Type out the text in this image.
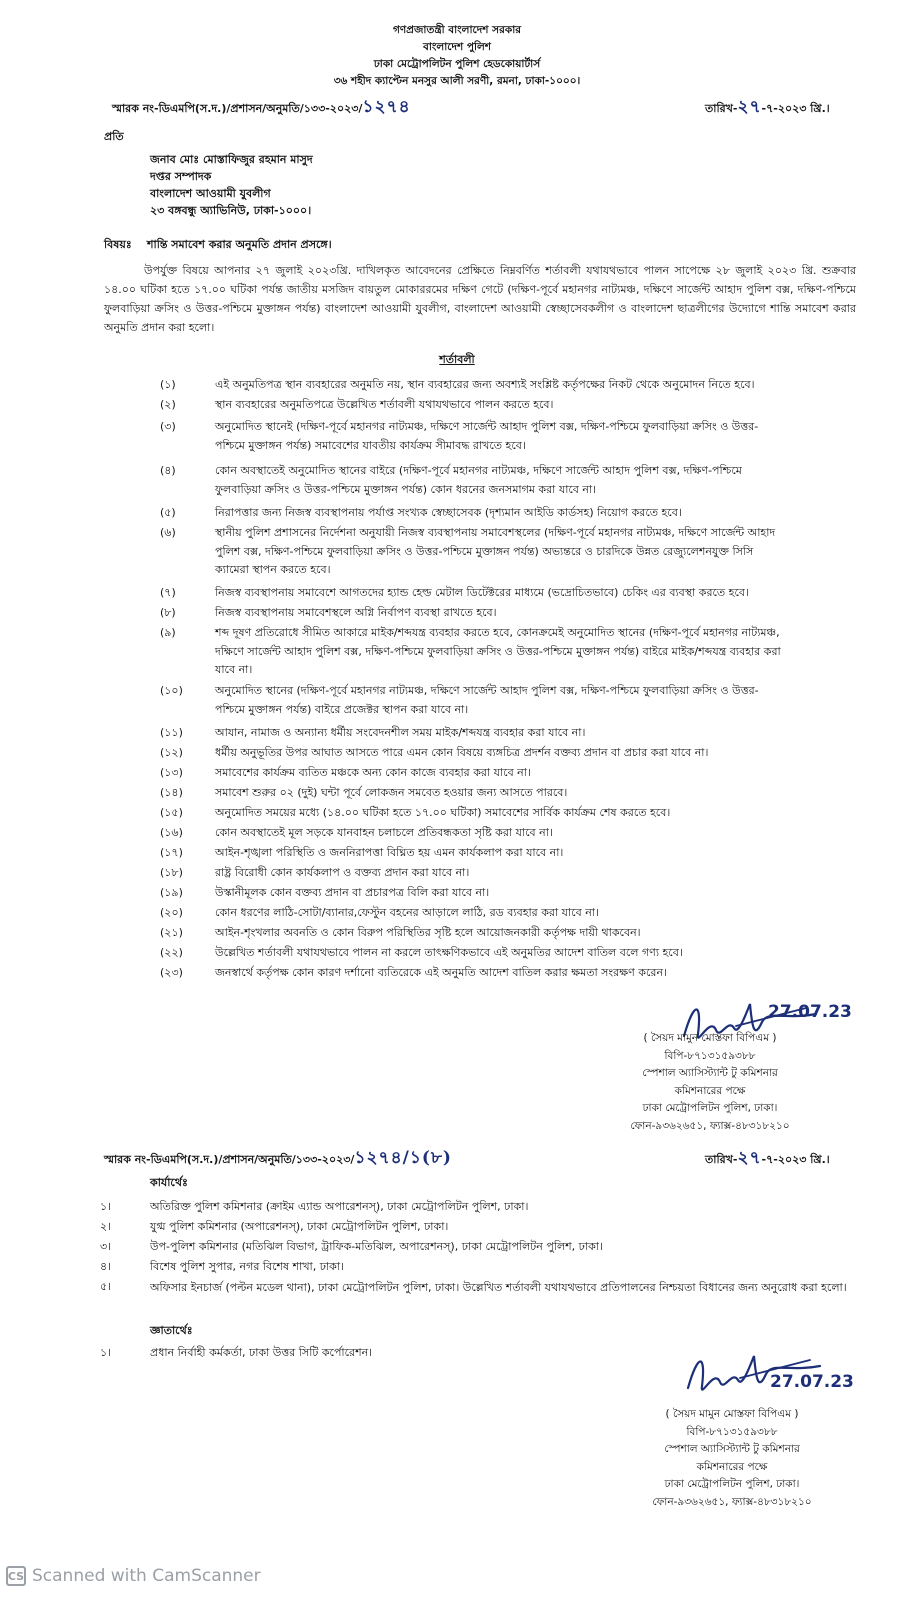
গণপ্রজাতন্ত্রী বাংলাদেশ সরকার
বাংলাদেশ পুলিশ
ঢাকা মেট্রোপলিটন পুলিশ হেডকোয়ার্টার্স
৩৬ শহীদ ক্যাপ্টেন মনসুর আলী সরণী, রমনা, ঢাকা-১০০০।
স্মারক নং-ডিএমপি(স.দ.)/প্রশাসন/অনুমতি/১৩৩-২০২৩/১২৭৪	তারিখ-২৭-৭-২০২৩ খ্রি.।
প্রতি
জনাব মোঃ মোস্তাফিজুর রহমান মাসুদ
দপ্তর সম্পাদক
বাংলাদেশ আওয়ামী যুবলীগ
২৩ বঙ্গবন্ধু অ্যাভিনিউ, ঢাকা-১০০০।
বিষয়ঃ শান্তি সমাবেশ করার অনুমতি প্রদান প্রসঙ্গে।
উপর্যুক্ত বিষয়ে আপনার ২৭ জুলাই ২০২৩খ্রি. দাখিলকৃত আবেদনের প্রেক্ষিতে নিম্নবর্ণিত শর্তাবলী যথাযথভাবে পালন সাপেক্ষে ২৮ জুলাই ২০২৩ খ্রি. শুক্রবার ১৪.০০ ঘটিকা হতে ১৭.০০ ঘটিকা পর্যন্ত জাতীয় মসজিদ বায়তুল মোকাররমের দক্ষিণ গেটে (দক্ষিণ-পূর্বে মহানগর নাট্যমঞ্চ, দক্ষিণে সার্জেন্ট আহাদ পুলিশ বক্স, দক্ষিণ-পশ্চিমে ফুলবাড়িয়া ক্রসিং ও উত্তর-পশ্চিমে মুক্তাঙ্গন পর্যন্ত) বাংলাদেশ আওয়ামী যুবলীগ, বাংলাদেশ আওয়ামী স্বেচ্ছাসেবকলীগ ও বাংলাদেশ ছাত্রলীগের উদ্যোগে শান্তি সমাবেশ করার অনুমতি প্রদান করা হলো।
শর্তাবলী
(১)	এই অনুমতিপত্র স্থান ব্যবহারের অনুমতি নয়, স্থান ব্যবহারের জন্য অবশ্যই সংশ্লিষ্ট কর্তৃপক্ষের নিকট থেকে অনুমোদন নিতে হবে।
(২)	স্থান ব্যবহারের অনুমতিপত্রে উল্লেখিত শর্তাবলী যথাযথভাবে পালন করতে হবে।
(৩)	অনুমোদিত স্থানেই (দক্ষিণ-পূর্বে মহানগর নাট্যমঞ্চ, দক্ষিণে সার্জেন্ট আহাদ পুলিশ বক্স, দক্ষিণ-পশ্চিমে ফুলবাড়িয়া ক্রসিং ও উত্তর-পশ্চিমে মুক্তাঙ্গন পর্যন্ত) সমাবেশের যাবতীয় কার্যক্রম সীমাবদ্ধ রাখতে হবে।
(৪)	কোন অবস্থাতেই অনুমোদিত স্থানের বাইরে (দক্ষিণ-পূর্বে মহানগর নাট্যমঞ্চ, দক্ষিণে সার্জেন্ট আহাদ পুলিশ বক্স, দক্ষিণ-পশ্চিমে ফুলবাড়িয়া ক্রসিং ও উত্তর-পশ্চিমে মুক্তাঙ্গন পর্যন্ত) কোন ধরনের জনসমাগম করা যাবে না।
(৫)	নিরাপত্তার জন্য নিজস্ব ব্যবস্থাপনায় পর্যাপ্ত সংখ্যক স্বেচ্ছাসেবক (দৃশ্যমান আইডি কার্ডসহ) নিয়োগ করতে হবে।
(৬)	স্থানীয় পুলিশ প্রশাসনের নির্দেশনা অনুযায়ী নিজস্ব ব্যবস্থাপনায় সমাবেশস্থলের (দক্ষিণ-পূর্বে মহানগর নাট্যমঞ্চ, দক্ষিণে সার্জেন্ট আহাদ পুলিশ বক্স, দক্ষিণ-পশ্চিমে ফুলবাড়িয়া ক্রসিং ও উত্তর-পশ্চিমে মুক্তাঙ্গন পর্যন্ত) অভ্যন্তরে ও চারদিকে উন্নত রেজ্যুলেশনযুক্ত সিসি ক্যামেরা স্থাপন করতে হবে।
(৭)	নিজস্ব ব্যবস্থাপনায় সমাবেশে আগতদের হ্যান্ড হেল্ড মেটাল ডিটেক্টরের মাধ্যমে (ভদ্রোচিতভাবে) চেকিং এর ব্যবস্থা করতে হবে।
(৮)	নিজস্ব ব্যবস্থাপনায় সমাবেশস্থলে অগ্নি নির্বাপণ ব্যবস্থা রাখতে হবে।
(৯)	শব্দ দূষণ প্রতিরোধে সীমিত আকারে মাইক/শব্দযন্ত্র ব্যবহার করতে হবে, কোনক্রমেই অনুমোদিত স্থানের (দক্ষিণ-পূর্বে মহানগর নাট্যমঞ্চ, দক্ষিণে সার্জেন্ট আহাদ পুলিশ বক্স, দক্ষিণ-পশ্চিমে ফুলবাড়িয়া ক্রসিং ও উত্তর-পশ্চিমে মুক্তাঙ্গন পর্যন্ত) বাইরে মাইক/শব্দযন্ত্র ব্যবহার করা যাবে না।
(১০)	অনুমোদিত স্থানের (দক্ষিণ-পূর্বে মহানগর নাট্যমঞ্চ, দক্ষিণে সার্জেন্ট আহাদ পুলিশ বক্স, দক্ষিণ-পশ্চিমে ফুলবাড়িয়া ক্রসিং ও উত্তর-পশ্চিমে মুক্তাঙ্গন পর্যন্ত) বাইরে প্রজেক্টর স্থাপন করা যাবে না।
(১১)	আযান, নামাজ ও অন্যান্য ধর্মীয় সংবেদনশীল সময় মাইক/শব্দযন্ত্র ব্যবহার করা যাবে না।
(১২)	ধর্মীয় অনুভূতির উপর আঘাত আসতে পারে এমন কোন বিষয়ে ব্যঙ্গচিত্র প্রদর্শন বক্তব্য প্রদান বা প্রচার করা যাবে না।
(১৩)	সমাবেশের কার্যক্রম ব্যতিত মঞ্চকে অন্য কোন কাজে ব্যবহার করা যাবে না।
(১৪)	সমাবেশ শুরুর ০২ (দুই) ঘন্টা পূর্বে লোকজন সমবেত হওয়ার জন্য আসতে পারবে।
(১৫)	অনুমোদিত সময়ের মধ্যে (১৪.০০ ঘটিকা হতে ১৭.০০ ঘটিকা) সমাবেশের সার্বিক কার্যক্রম শেষ করতে হবে।
(১৬)	কোন অবস্থাতেই মূল সড়কে যানবাহন চলাচলে প্রতিবন্ধকতা সৃষ্টি করা যাবে না।
(১৭)	আইন-শৃঙ্খলা পরিস্থিতি ও জননিরাপত্তা বিঘ্নিত হয় এমন কার্যকলাপ করা যাবে না।
(১৮)	রাষ্ট্র বিরোধী কোন কার্যকলাপ ও বক্তব্য প্রদান করা যাবে না।
(১৯)	উস্কানীমূলক কোন বক্তব্য প্রদান বা প্রচারপত্র বিলি করা যাবে না।
(২০)	কোন ধরণের লাঠি-সোটা/ব্যানার,ফেস্টুন বহনের আড়ালে লাঠি, রড ব্যবহার করা যাবে না।
(২১)	আইন-শৃংখলার অবনতি ও কোন বিরুপ পরিস্থিতির সৃষ্টি হলে আয়োজনকারী কর্তৃপক্ষ দায়ী থাকবেন।
(২২)	উল্লেখিত শর্তাবলী যথাযথভাবে পালন না করলে তাৎক্ষণিকভাবে এই অনুমতির আদেশ বাতিল বলে গণ্য হবে।
(২৩)	জনস্বার্থে কর্তৃপক্ষ কোন কারণ দর্শানো ব্যতিরেকে এই অনুমতি আদেশ বাতিল করার ক্ষমতা সংরক্ষণ করেন।
27.07.23
( সৈয়দ মামুন মোস্তফা বিপিএম )
বিপি-৮৭১৩১৫৯৩৮৮
স্পেশাল অ্যাসিস্ট্যান্ট টু কমিশনার
কমিশনারের পক্ষে
ঢাকা মেট্রোপলিটন পুলিশ, ঢাকা।
ফোন-৯৩৬২৬৫১, ফ্যাক্স-৪৮৩১৮২১০
স্মারক নং-ডিএমপি(স.দ.)/প্রশাসন/অনুমতি/১৩৩-২০২৩/১২৭৪/১(৮)	তারিখ-২৭-৭-২০২৩ খ্রি.।
কার্যার্থেঃ
১।	অতিরিক্ত পুলিশ কমিশনার (ক্রাইম এ্যান্ড অপারেশনস্), ঢাকা মেট্রোপলিটন পুলিশ, ঢাকা।
২।	যুগ্ম পুলিশ কমিশনার (অপারেশনস্), ঢাকা মেট্রোপলিটন পুলিশ, ঢাকা।
৩।	উপ-পুলিশ কমিশনার (মতিঝিল বিভাগ, ট্রাফিক-মতিঝিল, অপারেশনস্), ঢাকা মেট্রোপলিটন পুলিশ, ঢাকা।
৪।	বিশেষ পুলিশ সুপার, নগর বিশেষ শাখা, ঢাকা।
৫।	অফিসার ইনচার্জ (পল্টন মডেল থানা), ঢাকা মেট্রোপলিটন পুলিশ, ঢাকা। উল্লেখিত শর্তাবলী যথাযথভাবে প্রতিপালনের নিশ্চয়তা বিধানের জন্য অনুরোধ করা হলো।
জ্ঞাতার্থেঃ
১।	প্রধান নির্বাহী কর্মকর্তা, ঢাকা উত্তর সিটি কর্পোরেশন।
27.07.23
( সৈয়দ মামুন মোস্তফা বিপিএম )
বিপি-৮৭১৩১৫৯৩৮৮
স্পেশাল অ্যাসিস্ট্যান্ট টু কমিশনার
কমিশনারের পক্ষে
ঢাকা মেট্রোপলিটন পুলিশ, ঢাকা।
ফোন-৯৩৬২৬৫১, ফ্যাক্স-৪৮৩১৮২১০
CS Scanned with CamScanner
